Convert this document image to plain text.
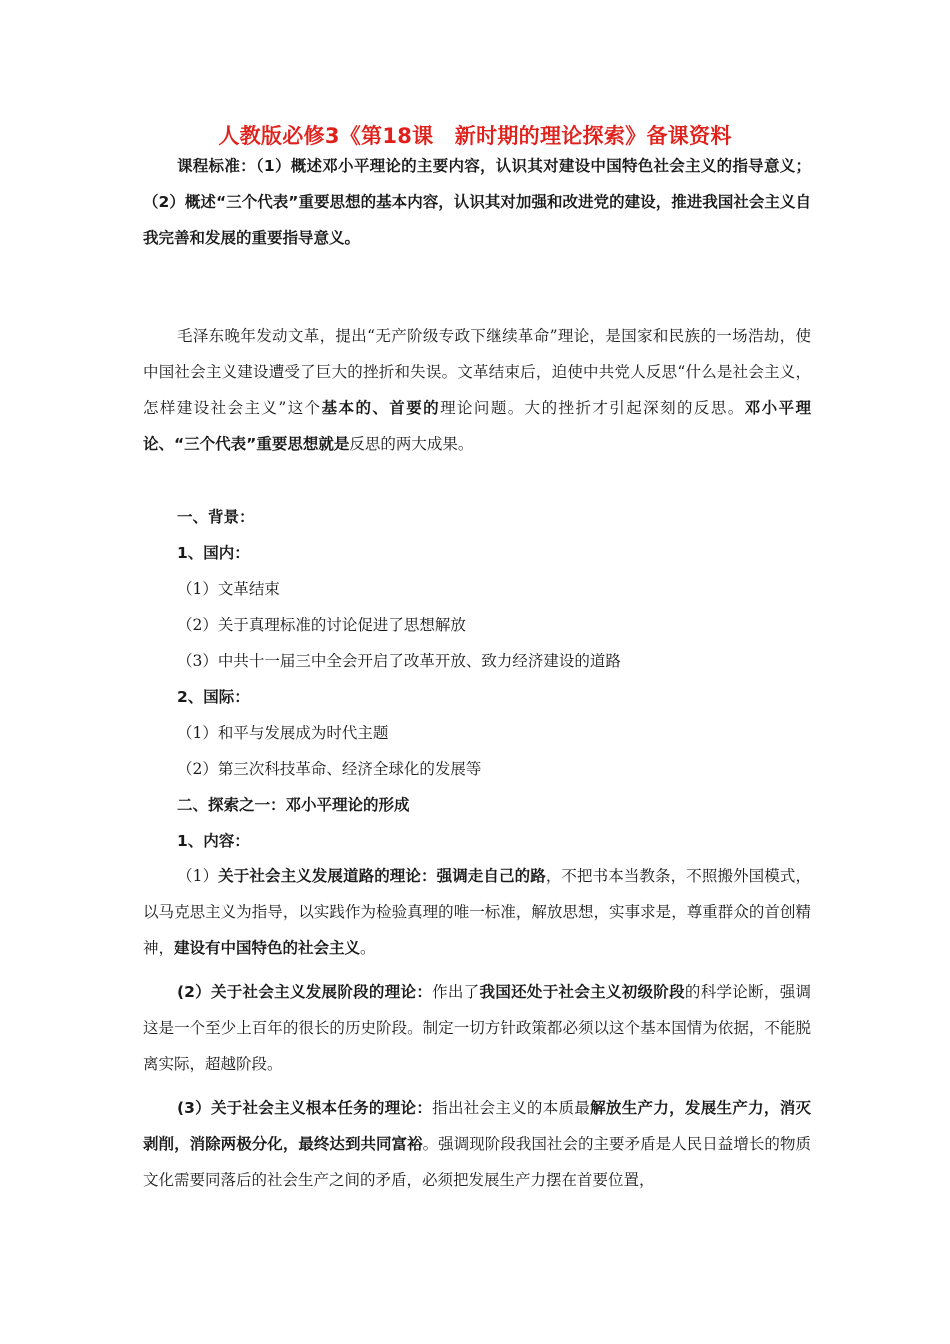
人教版必修3《第18课　新时期的理论探索》备课资料

课程标准：（1）概述邓小平理论的主要内容，认识其对建设中国特色社会主义的指导意义；（2）概述“三个代表”重要思想的基本内容，认识其对加强和改进党的建设，推进我国社会主义自我完善和发展的重要指导意义。

毛泽东晚年发动文革，提出“无产阶级专政下继续革命”理论，是国家和民族的一场浩劫，使中国社会主义建设遭受了巨大的挫折和失误。文革结束后，迫使中共党人反思“什么是社会主义，怎样建设社会主义”这个基本的、首要的理论问题。大的挫折才引起深刻的反思。邓小平理论、“三个代表”重要思想就是反思的两大成果。

一、背景：
1、国内：
（1）文革结束
（2）关于真理标准的讨论促进了思想解放
（3）中共十一届三中全会开启了改革开放、致力经济建设的道路
2、国际：
（1）和平与发展成为时代主题
（2）第三次科技革命、经济全球化的发展等
二、探索之一：邓小平理论的形成
1、内容：

（1）关于社会主义发展道路的理论：强调走自己的路，不把书本当教条，不照搬外国模式，以马克思主义为指导，以实践作为检验真理的唯一标准，解放思想，实事求是，尊重群众的首创精神，建设有中国特色的社会主义。

(2）关于社会主义发展阶段的理论：作出了我国还处于社会主义初级阶段的科学论断，强调这是一个至少上百年的很长的历史阶段。制定一切方针政策都必须以这个基本国情为依据，不能脱离实际，超越阶段。

(3）关于社会主义根本任务的理论：指出社会主义的本质最解放生产力，发展生产力，消灭剥削，消除两极分化，最终达到共同富裕。强调现阶段我国社会的主要矛盾是人民日益增长的物质文化需要同落后的社会生产之间的矛盾，必须把发展生产力摆在首要位置，
